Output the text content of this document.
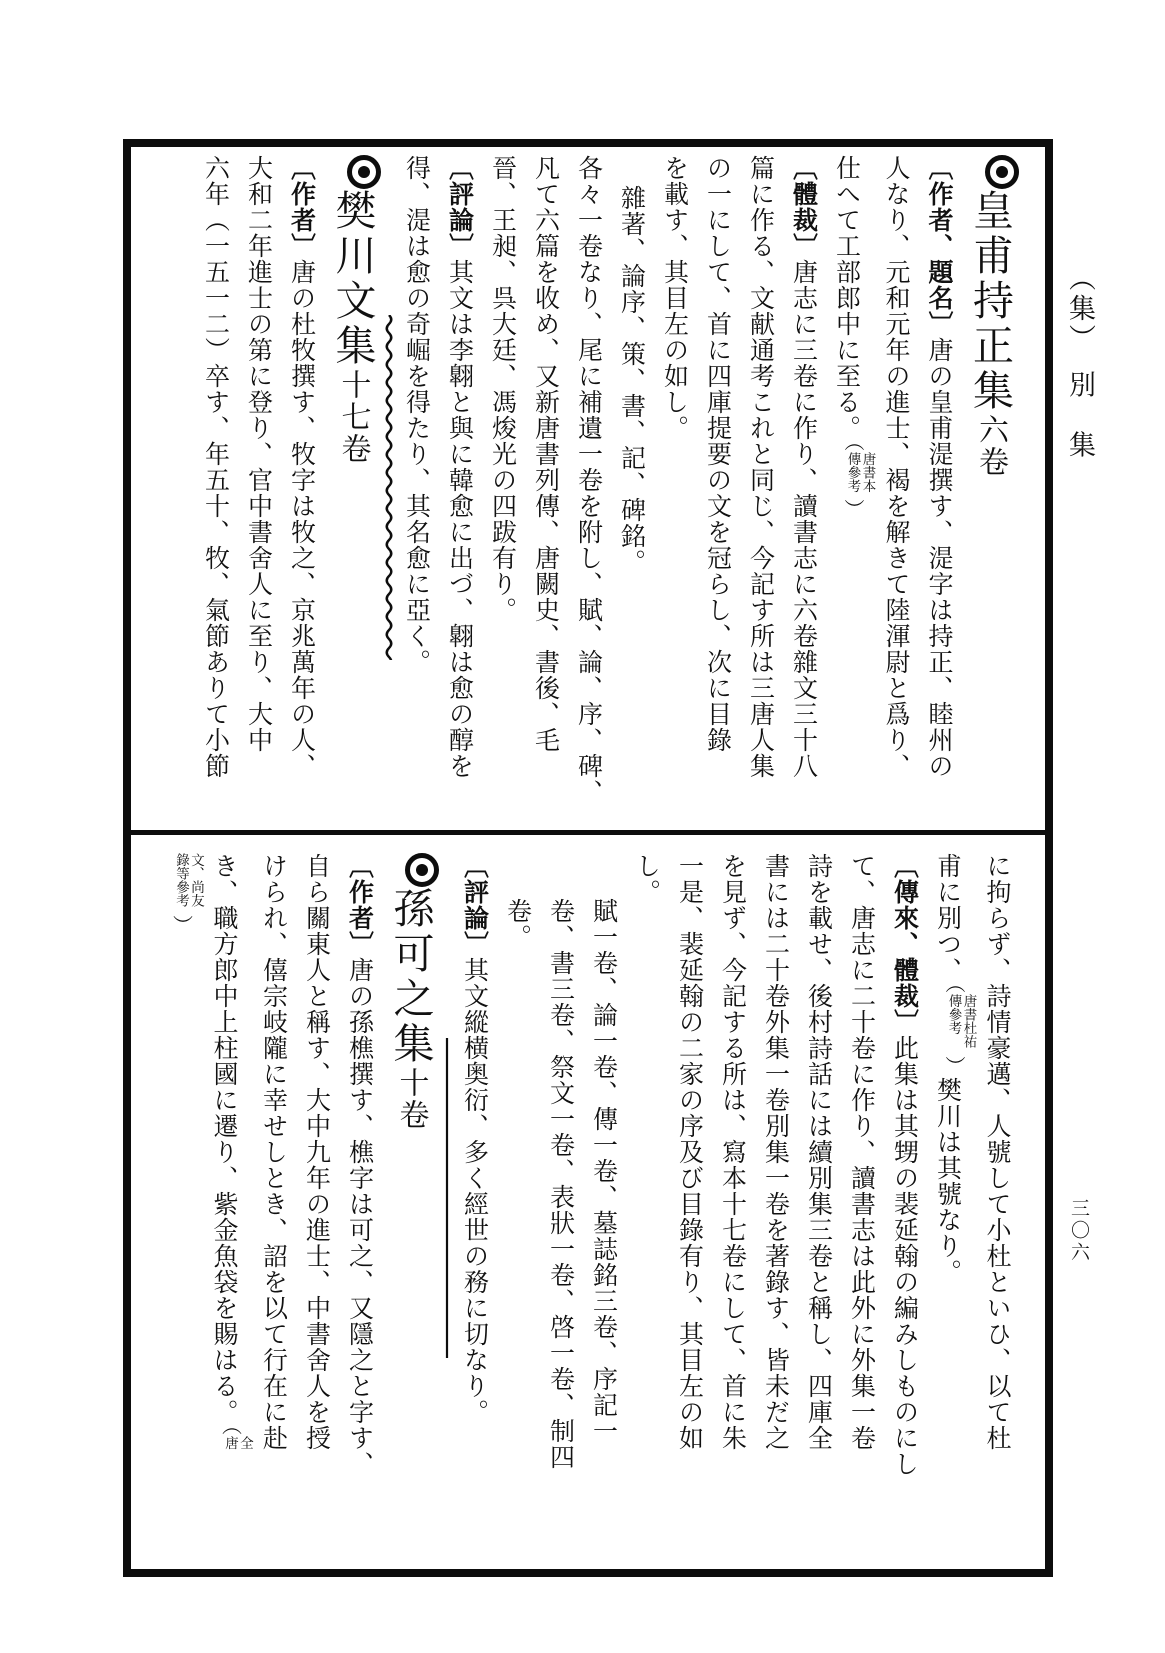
（集）　別　集
三〇六
皇甫持正集六卷
〔作者、題名〕唐の皇甫湜撰す、湜字は持正、睦州の
人なり、元和元年の進士、褐を解きて陸渾尉と爲り、
仕へて工部郎中に至る。（唐書本傳參考）
〔體裁〕唐志に三卷に作り、讀書志に六卷雜文三十八
篇に作る、文献通考これと同じ、今記す所は三唐人集
の一にして、首に四庫提要の文を冠らし、次に目錄
を載す、其目左の如し。
雜著、論序、策、書、記、碑銘。
各々一卷なり、尾に補遺一卷を附し、賦、論、序、碑、
凡て六篇を收め、又新唐書列傳、唐闕史、書後、毛
晉、王昶、呉大廷、馮焌光の四跋有り。
〔評論〕其文は李翺と與に韓愈に出づ、翺は愈の醇を
得、湜は愈の奇崛を得たり、其名愈に亞く。
樊川文集十七卷
〔作者〕唐の杜牧撰す、牧字は牧之、京兆萬年の人、
大和二年進士の第に登り、官中書舍人に至り、大中
六年（一五一二）卒す、年五十、牧、氣節ありて小節
に拘らず、詩情豪邁、人號して小杜といひ、以て杜
甫に別つ、（唐書杜祐傳參考）樊川は其號なり。
〔傳來、體裁〕此集は其甥の裴延翰の編みしものにし
て、唐志に二十卷に作り、讀書志は此外に外集一卷
詩を載せ、後村詩話には續別集三卷と稱し、四庫全
書には二十卷外集一卷別集一卷を著錄す、皆未だ之
を見ず、今記する所は、寫本十七卷にして、首に朱
一是、裴延翰の二家の序及び目錄有り、其目左の如
し。
賦一卷、論一卷、傳一卷、墓誌銘三卷、序記一
卷、書三卷、祭文一卷、表狀一卷、啓一卷、制四
卷。
〔評論〕其文縱横奥衍、多く經世の務に切なり。
孫可之集十卷
〔作者〕唐の孫樵撰す、樵字は可之、又隱之と字す、
自ら關東人と稱す、大中九年の進士、中書舍人を授
けられ、僖宗岐隴に幸せしとき、詔を以て行在に赴
き、職方郎中上柱國に遷り、紫金魚袋を賜はる。（全唐
文、尚友錄等參考）
